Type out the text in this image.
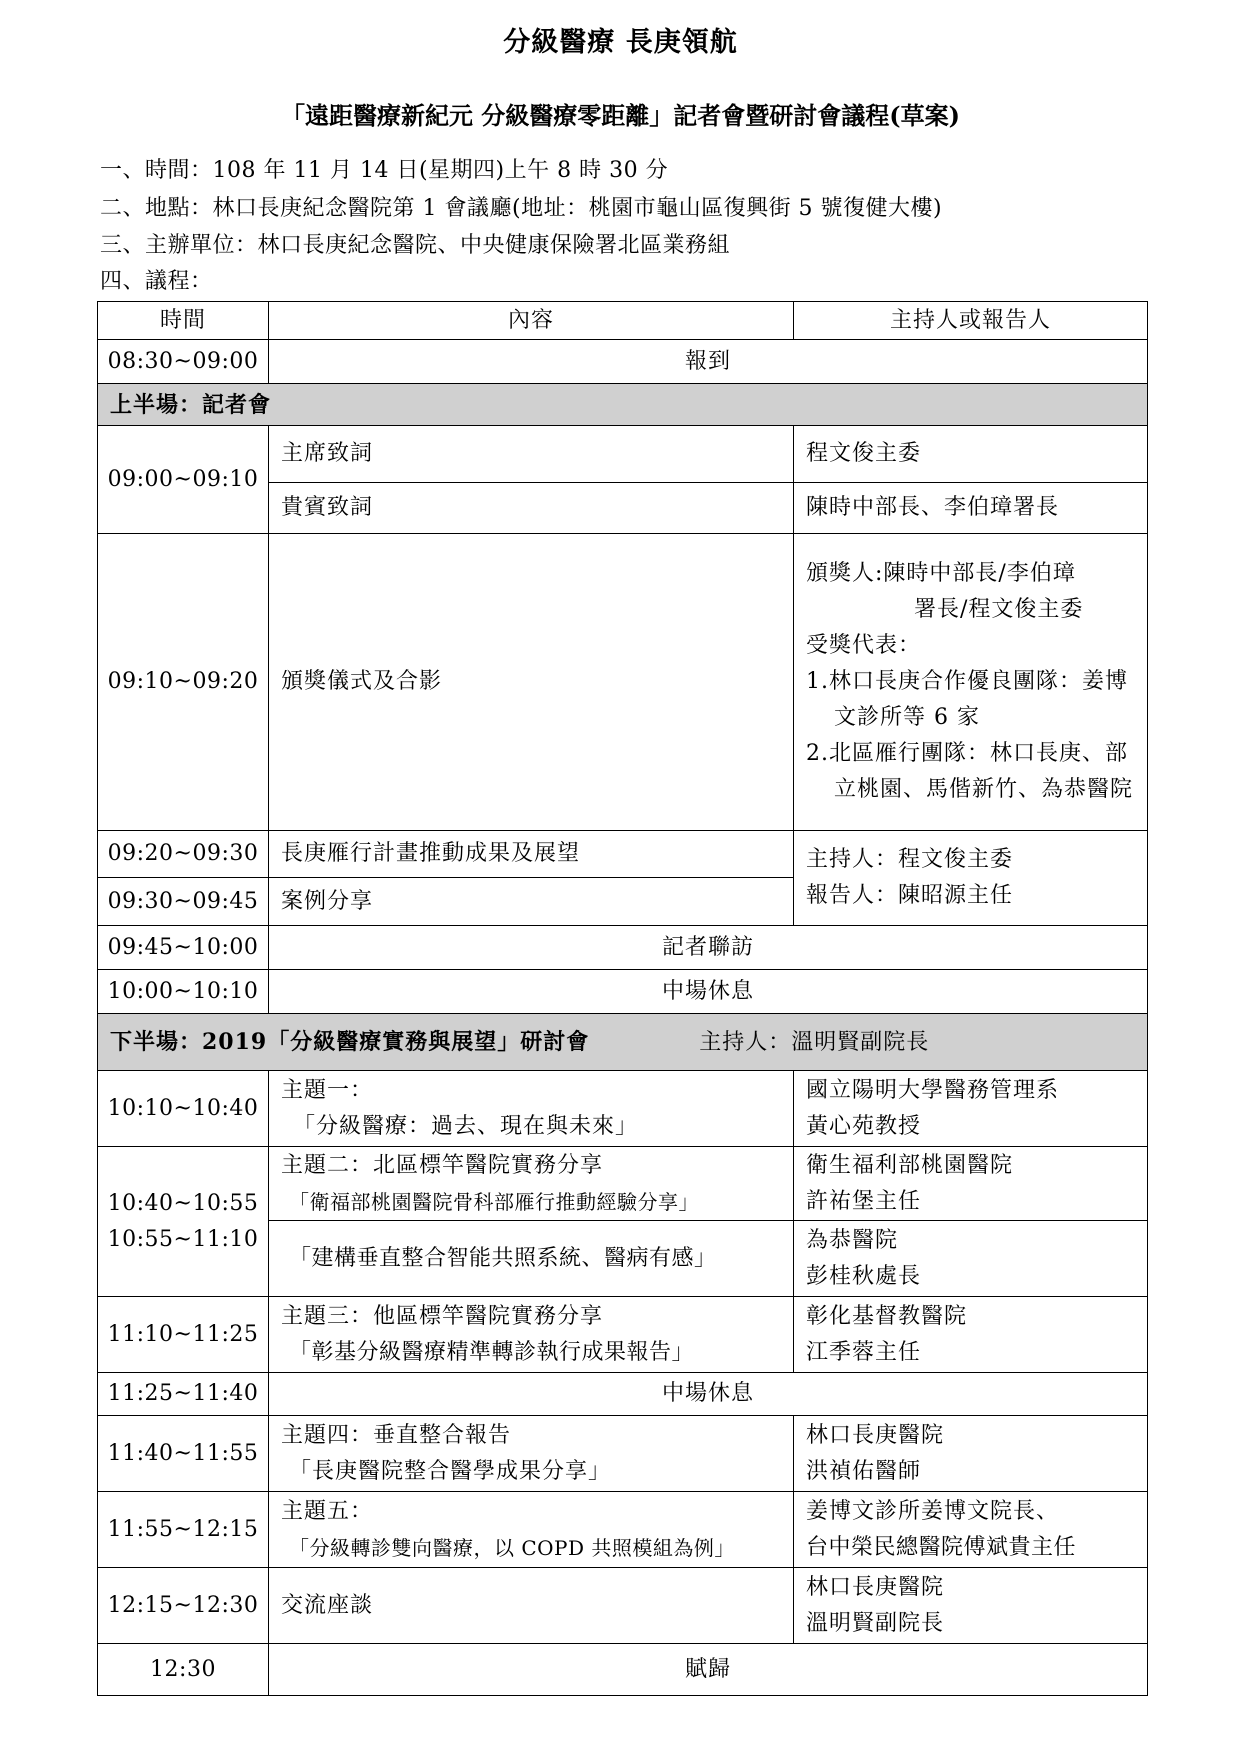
分級醫療 長庚領航
「遠距醫療新紀元 分級醫療零距離」記者會暨研討會議程(草案)
一、時間：108 年 11 月 14 日(星期四)上午 8 時 30 分
二、地點：林口長庚紀念醫院第 1 會議廳(地址：桃園市龜山區復興街 5 號復健大樓)
三、主辦單位：林口長庚紀念醫院、中央健康保險署北區業務組
四、議程：
時間	內容	主持人或報告人
08:30~09:00	報到	
上半場：記者會		
09:00~09:10	主席致詞	程文俊主委
	貴賓致詞	陳時中部長、李伯璋署長
09:10~09:20	頒獎儀式及合影	頒獎人:陳時中部長/李伯璋
署長/程文俊主委
受獎代表：
1.林口長庚合作優良團隊：姜博文診所等 6 家
2.北區雁行團隊：林口長庚、部立桃園、馬偕新竹、為恭醫院

09:20~09:30	長庚雁行計畫推動成果及展望	主持人：程文俊主委
報告人：陳昭源主任

09:30~09:45	案例分享	
09:45~10:00	記者聯訪	
10:00~10:10	中場休息	
下半場：2019「分級醫療實務與展望」研討會 主持人：溫明賢副院長		
10:10~10:40	主題一：
「分級醫療：過去、現在與未來」	國立陽明大學醫務管理系
黃心苑教授

10:40~10:55
10:55~11:10	主題二：北區標竿醫院實務分享
「衛福部桃園醫院骨科部雁行推動經驗分享」	衛生福利部桃園醫院
許祐堡主任

	「建構垂直整合智能共照系統、醫病有感」	為恭醫院
彭桂秋處長

11:10~11:25	主題三：他區標竿醫院實務分享
「彰基分級醫療精準轉診執行成果報告」	彰化基督教醫院
江季蓉主任

11:25~11:40	中場休息	
11:40~11:55	主題四：垂直整合報告
「長庚醫院整合醫學成果分享」	林口長庚醫院
洪禎佑醫師

11:55~12:15	主題五：
「分級轉診雙向醫療，以 COPD 共照模組為例」	姜博文診所姜博文院長、
台中榮民總醫院傅斌貴主任

12:15~12:30	交流座談	林口長庚醫院
溫明賢副院長

12:30	賦歸	
